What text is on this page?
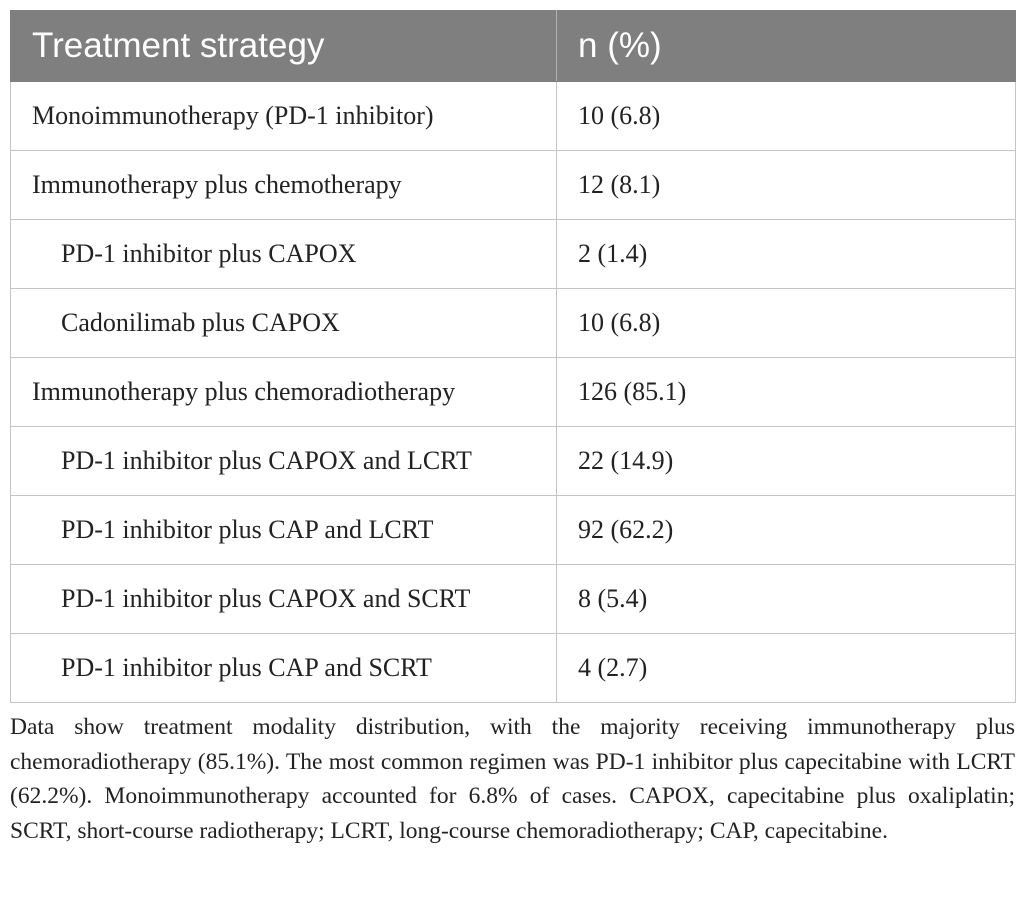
Treatment strategy	n (%)
Monoimmunotherapy (PD-1 inhibitor)	10 (6.8)
Immunotherapy plus chemotherapy	12 (8.1)
PD-1 inhibitor plus CAPOX	2 (1.4)
Cadonilimab plus CAPOX	10 (6.8)
Immunotherapy plus chemoradiotherapy	126 (85.1)
PD-1 inhibitor plus CAPOX and LCRT	22 (14.9)
PD-1 inhibitor plus CAP and LCRT	92 (62.2)
PD-1 inhibitor plus CAPOX and SCRT	8 (5.4)
PD-1 inhibitor plus CAP and SCRT	4 (2.7)

Data show treatment modality distribution, with the majority receiving immunotherapy plus chemoradiotherapy (85.1%). The most common regimen was PD-1 inhibitor plus capecitabine with LCRT (62.2%). Monoimmunotherapy accounted for 6.8% of cases. CAPOX, capecitabine plus oxaliplatin; SCRT, short-course radiotherapy; LCRT, long-course chemoradiotherapy; CAP, capecitabine.
